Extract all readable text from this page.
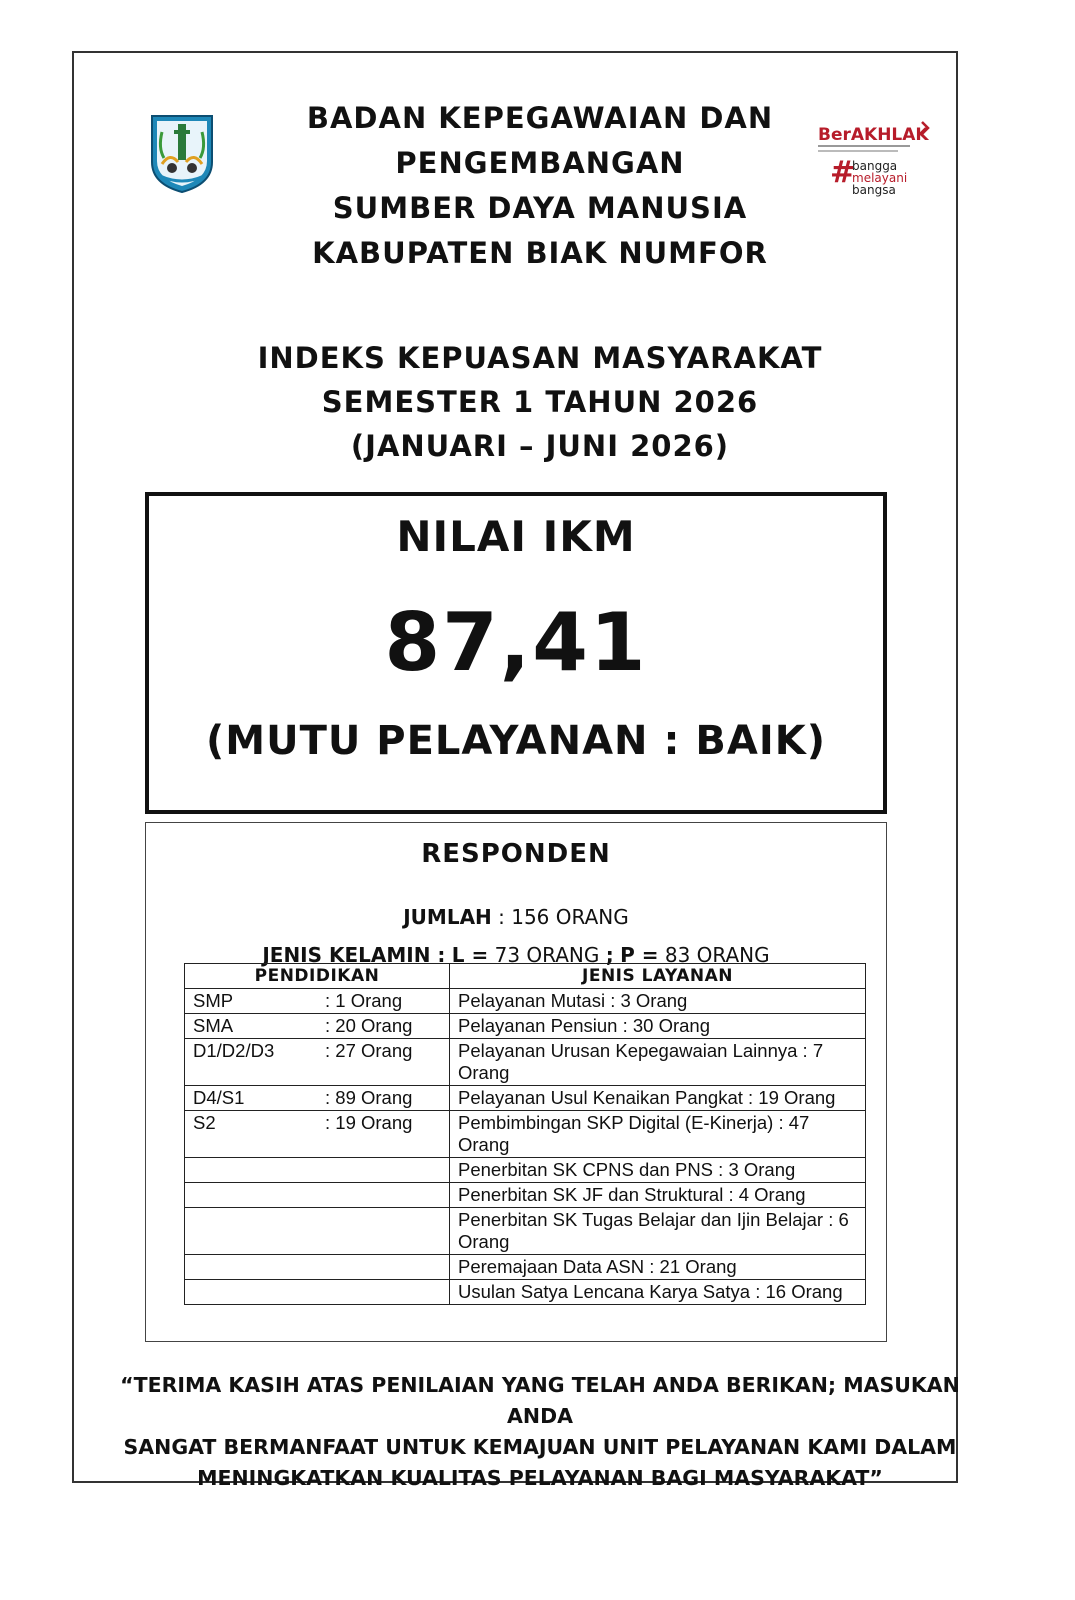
BerAKHLAK
#
bangga
melayani
bangsa
BADAN KEPEGAWAIAN DAN
PENGEMBANGAN
SUMBER DAYA MANUSIA
KABUPATEN BIAK NUMFOR
INDEKS KEPUASAN MASYARAKAT
SEMESTER 1 TAHUN 2026
(JANUARI – JUNI 2026)
NILAI IKM
87,41
(MUTU PELAYANAN : BAIK)
RESPONDEN
JUMLAH : 156 ORANG
JENIS KELAMIN : L = 73 ORANG ; P = 83 ORANG
PENDIDIKAN	JENIS LAYANAN

SMP : 1 Orang	Pelayanan Mutasi : 3 Orang

SMA : 20 Orang	Pelayanan Pensiun : 30 Orang

D1/D2/D3 : 27 Orang	Pelayanan Urusan Kepegawaian Lainnya : 7 Orang

D4/S1 : 89 Orang	Pelayanan Usul Kenaikan Pangkat : 19 Orang

S2 : 19 Orang	Pembimbingan SKP Digital (E-Kinerja) : 47 Orang
	Penerbitan SK CPNS dan PNS : 3 Orang
	Penerbitan SK JF dan Struktural : 4 Orang
	Penerbitan SK Tugas Belajar dan Ijin Belajar : 6 Orang
	Peremajaan Data ASN : 21 Orang
	Usulan Satya Lencana Karya Satya : 16 Orang
“TERIMA KASIH ATAS PENILAIAN YANG TELAH ANDA BERIKAN; MASUKAN ANDA
SANGAT BERMANFAAT UNTUK KEMAJUAN UNIT PELAYANAN KAMI DALAM
MENINGKATKAN KUALITAS PELAYANAN BAGI MASYARAKAT”
